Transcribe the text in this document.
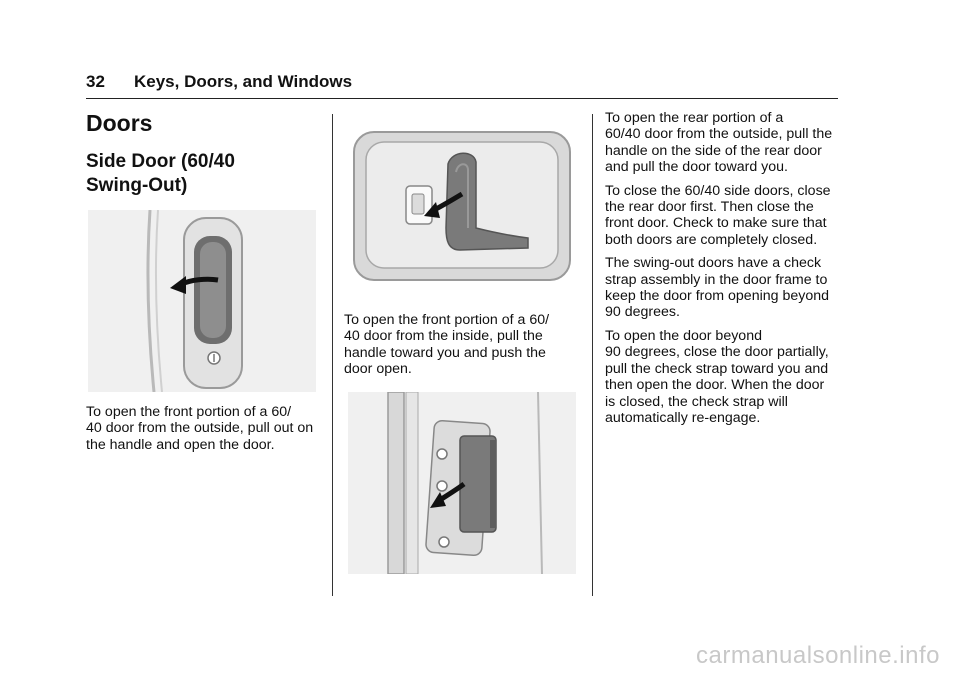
32 Keys, Doors, and Windows
Doors
Side Door (60/40
Swing-Out)
To open the front portion of a 60/
40 door from the outside, pull out on
the handle and open the door.
To open the front portion of a 60/
40 door from the inside, pull the
handle toward you and push the
door open.

To open the rear portion of a
60/40 door from the outside, pull the
handle on the side of the rear door
and pull the door toward you.

To close the 60/40 side doors, close
the rear door first. Then close the
front door. Check to make sure that
both doors are completely closed.

The swing-out doors have a check
strap assembly in the door frame to
keep the door from opening beyond
90 degrees.

To open the door beyond
90 degrees, close the door partially,
pull the check strap toward you and
then open the door. When the door
is closed, the check strap will
automatically re-engage.

carmanualsonline.info
